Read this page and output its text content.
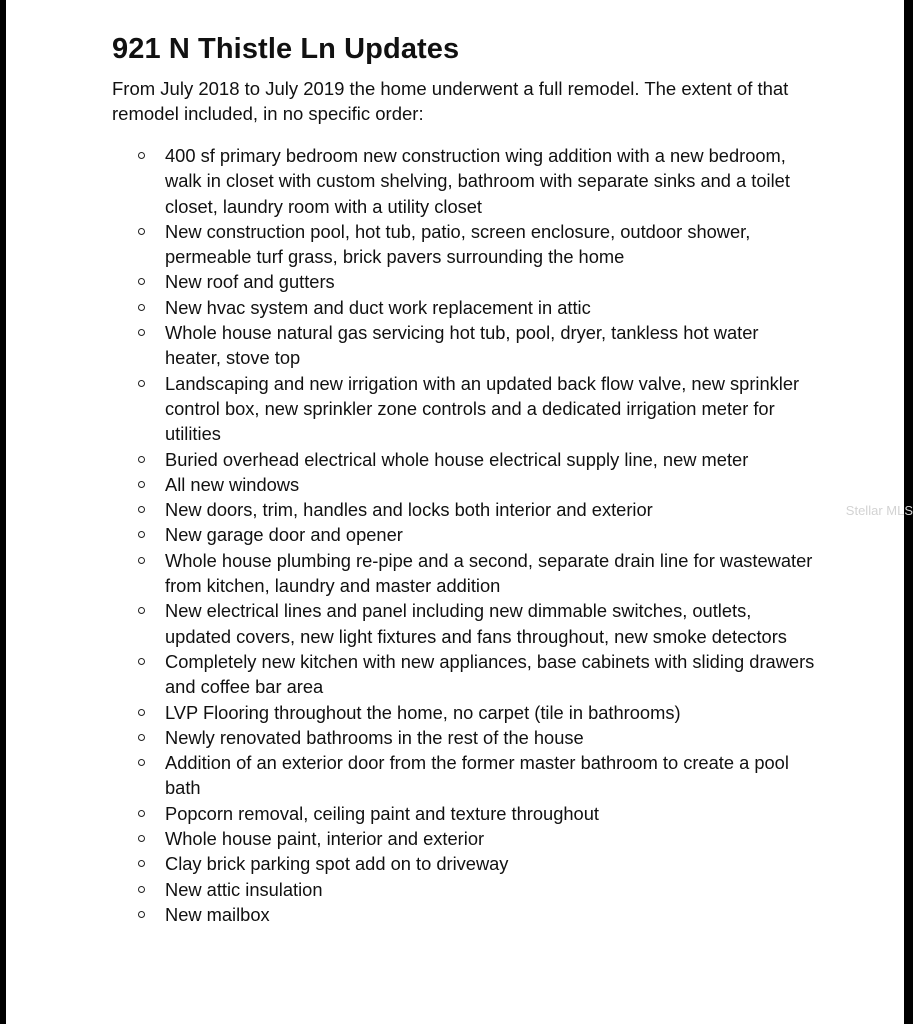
921 N Thistle Ln Updates

From July 2018 to July 2019 the home underwent a full remodel. The extent of that remodel included, in no specific order:

400 sf primary bedroom new construction wing addition with a new bedroom, walk in closet with custom shelving, bathroom with separate sinks and a toilet closet, laundry room with a utility closet
New construction pool, hot tub, patio, screen enclosure, outdoor shower, permeable turf grass, brick pavers surrounding the home
New roof and gutters
New hvac system and duct work replacement in attic
Whole house natural gas servicing hot tub, pool, dryer, tankless hot water heater, stove top
Landscaping and new irrigation with an updated back flow valve, new sprinkler control box, new sprinkler zone controls and a dedicated irrigation meter for utilities
Buried overhead electrical whole house electrical supply line, new meter
All new windows
New doors, trim, handles and locks both interior and exterior
New garage door and opener
Whole house plumbing re-pipe and a second, separate drain line for wastewater from kitchen, laundry and master addition
New electrical lines and panel including new dimmable switches, outlets, updated covers, new light fixtures and fans throughout, new smoke detectors
Completely new kitchen with new appliances, base cabinets with sliding drawers and coffee bar area
LVP Flooring throughout the home, no carpet (tile in bathrooms)
Newly renovated bathrooms in the rest of the house
Addition of an exterior door from the former master bathroom to create a pool bath
Popcorn removal, ceiling paint and texture throughout
Whole house paint, interior and exterior
Clay brick parking spot add on to driveway
New attic insulation
New mailbox
Stellar MLS
